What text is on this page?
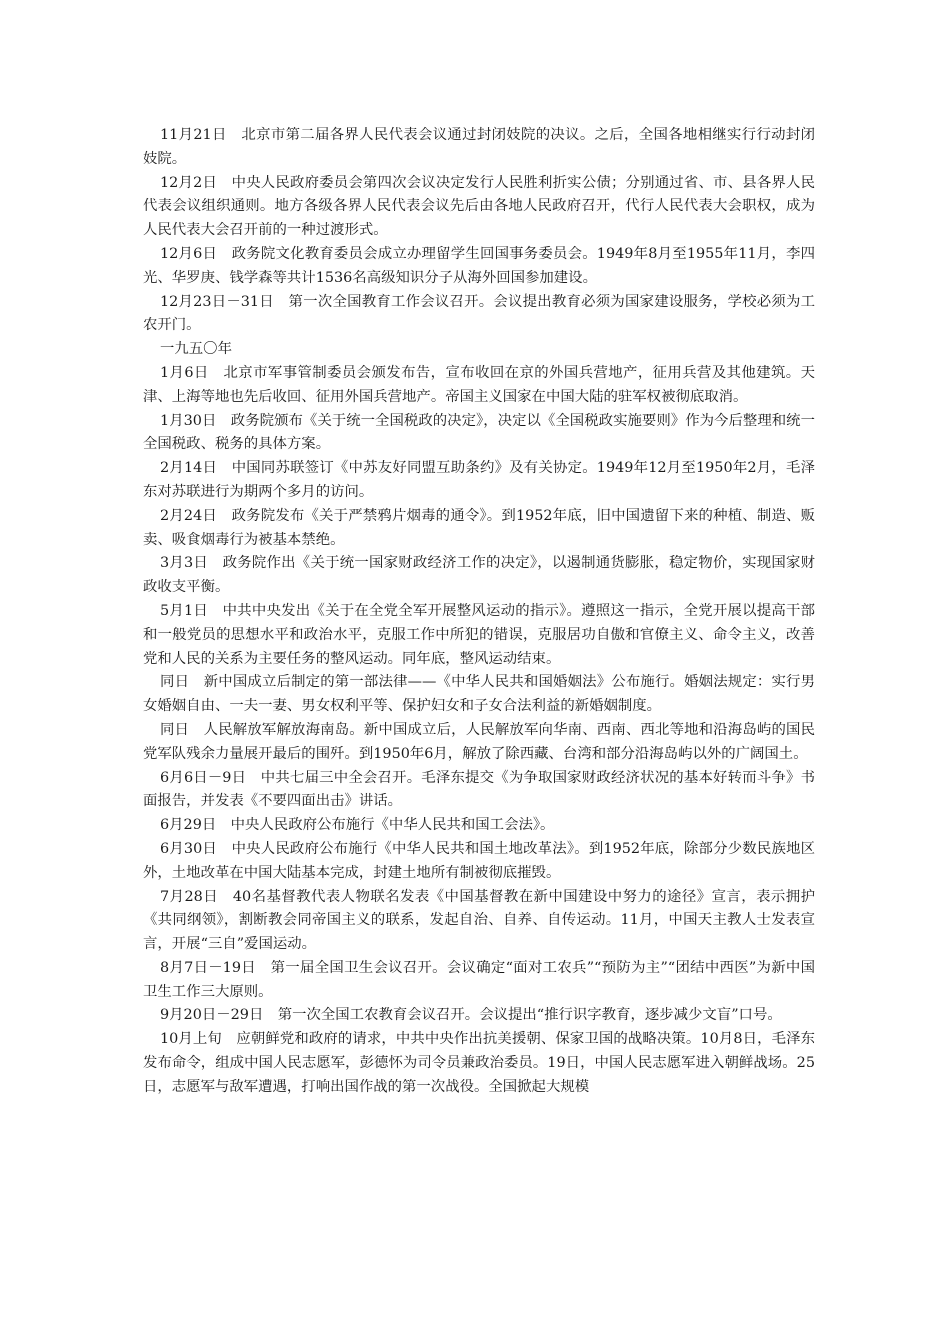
11月21日　北京市第二届各界人民代表会议通过封闭妓院的决议。之后，全国各地相继实行行动封闭妓院。

12月2日　中央人民政府委员会第四次会议决定发行人民胜利折实公债；分别通过省、市、县各界人民代表会议组织通则。地方各级各界人民代表会议先后由各地人民政府召开，代行人民代表大会职权，成为人民代表大会召开前的一种过渡形式。

12月6日　政务院文化教育委员会成立办理留学生回国事务委员会。1949年8月至1955年11月，李四光、华罗庚、钱学森等共计1536名高级知识分子从海外回国参加建设。

12月23日－31日　第一次全国教育工作会议召开。会议提出教育必须为国家建设服务，学校必须为工农开门。

一九五〇年

1月6日　北京市军事管制委员会颁发布告，宣布收回在京的外国兵营地产，征用兵营及其他建筑。天津、上海等地也先后收回、征用外国兵营地产。帝国主义国家在中国大陆的驻军权被彻底取消。

1月30日　政务院颁布《关于统一全国税政的决定》，决定以《全国税政实施要则》作为今后整理和统一全国税政、税务的具体方案。

2月14日　中国同苏联签订《中苏友好同盟互助条约》及有关协定。1949年12月至1950年2月，毛泽东对苏联进行为期两个多月的访问。

2月24日　政务院发布《关于严禁鸦片烟毒的通令》。到1952年底，旧中国遗留下来的种植、制造、贩卖、吸食烟毒行为被基本禁绝。

3月3日　政务院作出《关于统一国家财政经济工作的决定》，以遏制通货膨胀，稳定物价，实现国家财政收支平衡。

5月1日　中共中央发出《关于在全党全军开展整风运动的指示》。遵照这一指示，全党开展以提高干部和一般党员的思想水平和政治水平，克服工作中所犯的错误，克服居功自傲和官僚主义、命令主义，改善党和人民的关系为主要任务的整风运动。同年底，整风运动结束。

同日　新中国成立后制定的第一部法律——《中华人民共和国婚姻法》公布施行。婚姻法规定：实行男女婚姻自由、一夫一妻、男女权利平等、保护妇女和子女合法利益的新婚姻制度。

同日　人民解放军解放海南岛。新中国成立后，人民解放军向华南、西南、西北等地和沿海岛屿的国民党军队残余力量展开最后的围歼。到1950年6月，解放了除西藏、台湾和部分沿海岛屿以外的广阔国土。

6月6日－9日　中共七届三中全会召开。毛泽东提交《为争取国家财政经济状况的基本好转而斗争》书面报告，并发表《不要四面出击》讲话。

6月29日　中央人民政府公布施行《中华人民共和国工会法》。

6月30日　中央人民政府公布施行《中华人民共和国土地改革法》。到1952年底，除部分少数民族地区外，土地改革在中国大陆基本完成，封建土地所有制被彻底摧毁。

7月28日　40名基督教代表人物联名发表《中国基督教在新中国建设中努力的途径》宣言，表示拥护《共同纲领》，割断教会同帝国主义的联系，发起自治、自养、自传运动。11月，中国天主教人士发表宣言，开展“三自”爱国运动。

8月7日－19日　第一届全国卫生会议召开。会议确定“面对工农兵”“预防为主”“团结中西医”为新中国卫生工作三大原则。

9月20日－29日　第一次全国工农教育会议召开。会议提出“推行识字教育，逐步减少文盲”口号。

10月上旬　应朝鲜党和政府的请求，中共中央作出抗美援朝、保家卫国的战略决策。10月8日，毛泽东发布命令，组成中国人民志愿军，彭德怀为司令员兼政治委员。19日，中国人民志愿军进入朝鲜战场。25日，志愿军与敌军遭遇，打响出国作战的第一次战役。全国掀起大规模
